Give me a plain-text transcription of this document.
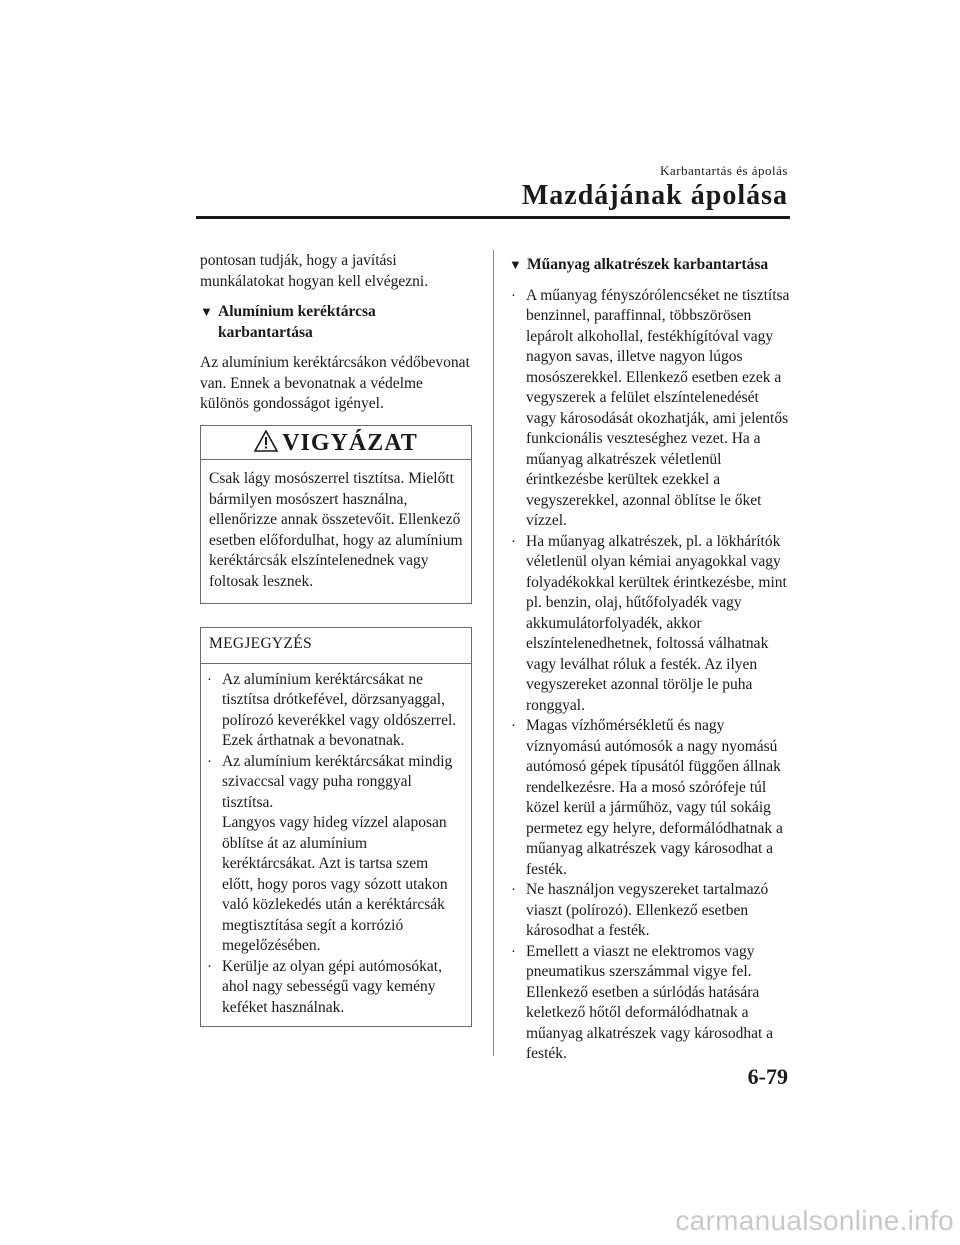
Karbantartás és ápolás
Mazdájának ápolása

pontosan tudják, hogy a javítási munkálatokat hogyan kell elvégezni.

▼ Alumínium keréktárcsa karbantartása

Az alumínium keréktárcsákon védőbevonat van. Ennek a bevonatnak a védelme különös gondosságot igényel.

VIGYÁZAT
Csak lágy mosószerrel tisztítsa. Mielőtt bármilyen mosószert használna, ellenőrizze annak összetevőit. Ellenkező esetben előfordulhat, hogy az alumínium keréktárcsák elszíntelenednek vagy foltosak lesznek.
MEGJEGYZÉS
· Az alumínium keréktárcsákat ne tisztítsa drótkefével, dörzsanyaggal, polírozó keverékkel vagy oldószerrel. Ezek árthatnak a bevonatnak.
· Az alumínium keréktárcsákat mindig szivaccsal vagy puha ronggyal tisztítsa.
Langyos vagy hideg vízzel alaposan öblítse át az alumínium keréktárcsákat. Azt is tartsa szem előtt, hogy poros vagy sózott utakon való közlekedés után a keréktárcsák megtisztítása segít a korrózió megelőzésében.
· Kerülje az olyan gépi autómosókat, ahol nagy sebességű vagy kemény keféket használnak.
▼ Műanyag alkatrészek karbantartása
· A műanyag fényszórólencséket ne tisztítsa benzinnel, paraffinnal, többszörösen lepárolt alkohollal, festékhígítóval vagy nagyon savas, illetve nagyon lúgos mosószerekkel. Ellenkező esetben ezek a vegyszerek a felület elszíntelenedését vagy károsodását okozhatják, ami jelentős funkcionális veszteséghez vezet. Ha a műanyag alkatrészek véletlenül érintkezésbe kerültek ezekkel a vegyszerekkel, azonnal öblítse le őket vízzel.
· Ha műanyag alkatrészek, pl. a lökhárítók véletlenül olyan kémiai anyagokkal vagy folyadékokkal kerültek érintkezésbe, mint pl. benzin, olaj, hűtőfolyadék vagy akkumulátorfolyadék, akkor elszíntelenedhetnek, foltossá válhatnak vagy leválhat róluk a festék. Az ilyen vegyszereket azonnal törölje le puha ronggyal.
· Magas vízhőmérsékletű és nagy víznyomású autómosók a nagy nyomású autómosó gépek típusától függően állnak rendelkezésre. Ha a mosó szórófeje túl közel kerül a járműhöz, vagy túl sokáig permetez egy helyre, deformálódhatnak a műanyag alkatrészek vagy károsodhat a festék.
· Ne használjon vegyszereket tartalmazó viaszt (polírozó). Ellenkező esetben károsodhat a festék.
· Emellett a viaszt ne elektromos vagy pneumatikus szerszámmal vigye fel. Ellenkező esetben a súrlódás hatására keletkező hőtől deformálódhatnak a műanyag alkatrészek vagy károsodhat a festék.
6-79
carmanualsonline.info
